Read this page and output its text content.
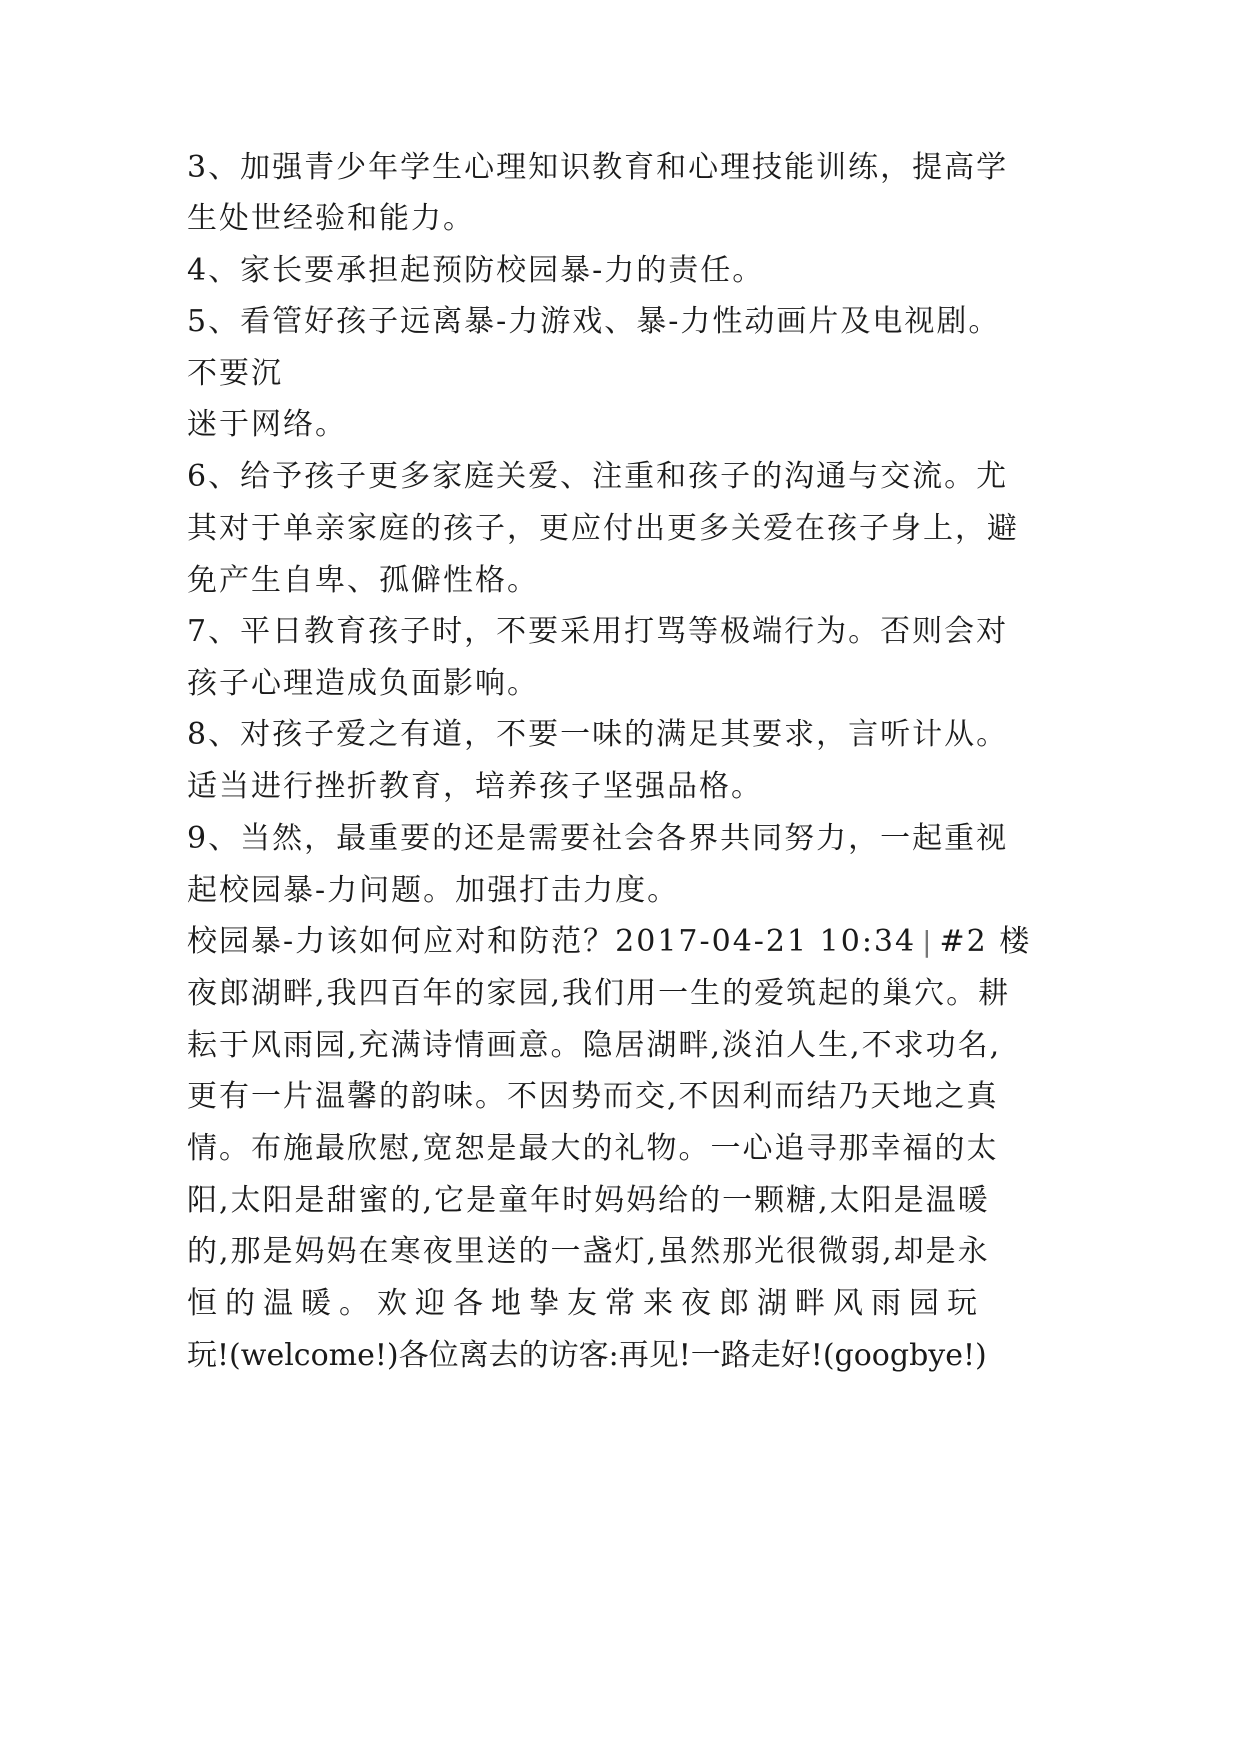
3、加强青少年学生心理知识教育和心理技能训练，提高学
生处世经验和能力。
4、家长要承担起预防校园暴-力的责任。
5、看管好孩子远离暴-力游戏、暴-力性动画片及电视剧。
不要沉
迷于网络。
6、给予孩子更多家庭关爱、注重和孩子的沟通与交流。尤
其对于单亲家庭的孩子，更应付出更多关爱在孩子身上，避
免产生自卑、孤僻性格。
7、平日教育孩子时，不要采用打骂等极端行为。否则会对
孩子心理造成负面影响。
8、对孩子爱之有道，不要一味的满足其要求，言听计从。
适当进行挫折教育，培养孩子坚强品格。
9、当然，最重要的还是需要社会各界共同努力，一起重视
起校园暴-力问题。加强打击力度。
校园暴-力该如何应对和防范？2017-04-21 10:34 | #2 楼
夜郎湖畔,我四百年的家园,我们用一生的爱筑起的巢穴。耕
耘于风雨园,充满诗情画意。隐居湖畔,淡泊人生,不求功名,
更有一片温馨的韵味。不因势而交,不因利而结乃天地之真
情。布施最欣慰,宽恕是最大的礼物。一心追寻那幸福的太
阳,太阳是甜蜜的,它是童年时妈妈给的一颗糖,太阳是温暖
的,那是妈妈在寒夜里送的一盏灯,虽然那光很微弱,却是永
恒的温暖。欢迎各地挚友常来夜郎湖畔风雨园玩
玩!(welcome!)各位离去的访客:再见!一路走好!(googbye!)
